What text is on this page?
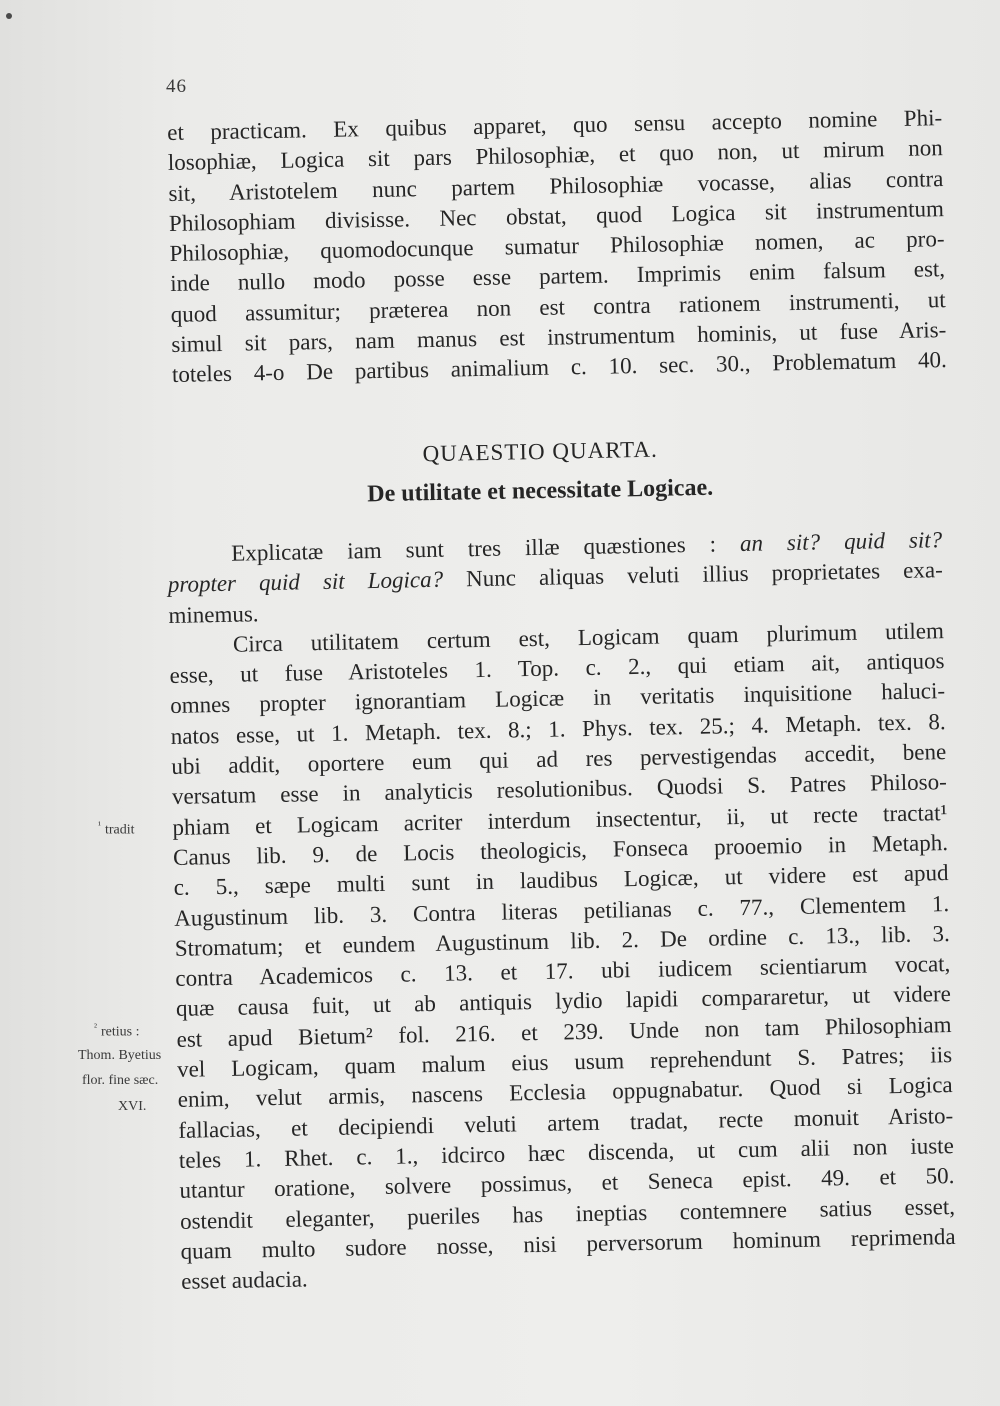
46
et practicam. Ex quibus apparet, quo sensu accepto nomine Phi-
losophiæ, Logica sit pars Philosophiæ, et quo non, ut mirum non
sit, Aristotelem nunc partem Philosophiæ vocasse, alias contra
Philosophiam divisisse. Nec obstat, quod Logica sit instrumentum
Philosophiæ, quomodocunque sumatur Philosophiæ nomen, ac pro-
inde nullo modo posse esse partem. Imprimis enim falsum est,
quod assumitur; præterea non est contra rationem instrumenti, ut
simul sit pars, nam manus est instrumentum hominis, ut fuse Aris-
toteles 4-o De partibus animalium c. 10. sec. 30., Problematum 40.
QUAESTIO QUARTA.
De utilitate et necessitate Logicae.
Explicatæ iam sunt tres illæ quæstiones : an sit? quid sit?
propter quid sit Logica? Nunc aliquas veluti illius proprietates exa-
minemus.
Circa utilitatem certum est, Logicam quam plurimum utilem
esse, ut fuse Aristoteles 1. Top. c. 2., qui etiam ait, antiquos
omnes propter ignorantiam Logicæ in veritatis inquisitione haluci-
natos esse, ut 1. Metaph. tex. 8.; 1. Phys. tex. 25.; 4. Metaph. tex. 8.
ubi addit, oportere eum qui ad res pervestigendas accedit, bene
versatum esse in analyticis resolutionibus. Quodsi S. Patres Philoso-
phiam et Logicam acriter interdum insectentur, ii, ut recte tractat¹
Canus lib. 9. de Locis theologicis, Fonseca prooemio in Metaph.
c. 5., sæpe multi sunt in laudibus Logicæ, ut videre est apud
Augustinum lib. 3. Contra literas petilianas c. 77., Clementem 1.
Stromatum; et eundem Augustinum lib. 2. De ordine c. 13., lib. 3.
contra Academicos c. 13. et 17. ubi iudicem scientiarum vocat,
quæ causa fuit, ut ab antiquis lydio lapidi compararetur, ut videre
est apud Bietum² fol. 216. et 239. Unde non tam Philosophiam
vel Logicam, quam malum eius usum reprehendunt S. Patres; iis
enim, velut armis, nascens Ecclesia oppugnabatur. Quod si Logica
fallacias, et decipiendi veluti artem tradat, recte monuit Aristo-
teles 1. Rhet. c. 1., idcirco hæc discenda, ut cum alii non iuste
utantur oratione, solvere possimus, et Seneca epist. 49. et 50.
ostendit eleganter, pueriles has ineptias contemnere satius esset,
quam multo sudore nosse, nisi perversorum hominum reprimenda
esset audacia.
$^{^1}$ tradit
$^{^2}$ retius :
Thom. Byetius
flor. fine sæc.
XVI.
